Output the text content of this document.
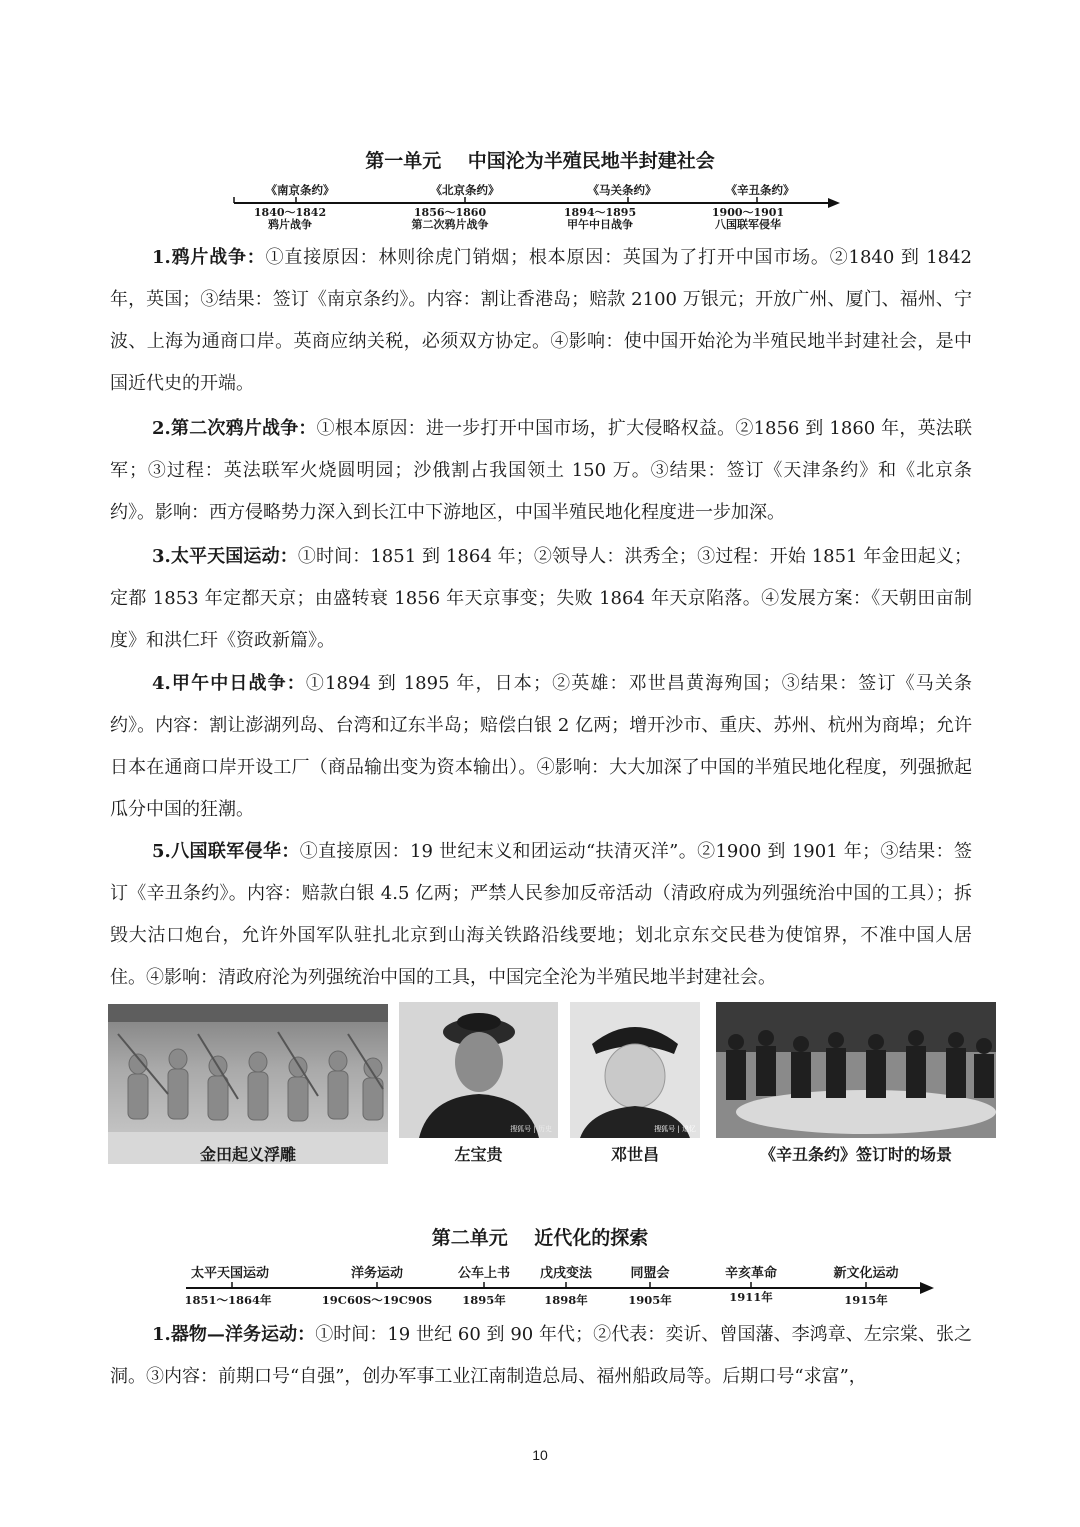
第一单元    中国沦为半殖民地半封建社会
《南京条约》	《北京条约》	《马关条约》	《辛丑条约》
1840～1842
鸦片战争
1856～1860
第二次鸦片战争
1894～1895
甲午中日战争
1900～1901
八国联军侵华
1.鸦片战争：①直接原因：林则徐虎门销烟；根本原因：英国为了打开中国市场。②1840 到 1842 年，英国；③结果：签订《南京条约》。内容：割让香港岛；赔款 2100 万银元；开放广州、厦门、福州、宁波、上海为通商口岸。英商应纳关税，必须双方协定。④影响：使中国开始沦为半殖民地半封建社会，是中国近代史的开端。
2.第二次鸦片战争：①根本原因：进一步打开中国市场，扩大侵略权益。②1856 到 1860 年，英法联军；③过程：英法联军火烧圆明园；沙俄割占我国领土 150 万。③结果：签订《天津条约》和《北京条约》。影响：西方侵略势力深入到长江中下游地区，中国半殖民地化程度进一步加深。
3.太平天国运动：①时间：1851 到 1864 年；②领导人：洪秀全；③过程：开始 1851 年金田起义；定都 1853 年定都天京；由盛转衰 1856 年天京事变；失败 1864 年天京陷落。④发展方案：《天朝田亩制度》和洪仁玕《资政新篇》。
4.甲午中日战争：①1894 到 1895 年，日本；②英雄：邓世昌黄海殉国；③结果：签订《马关条约》。内容：割让澎湖列岛、台湾和辽东半岛；赔偿白银 2 亿两；增开沙市、重庆、苏州、杭州为商埠；允许日本在通商口岸开设工厂（商品输出变为资本输出）。④影响：大大加深了中国的半殖民地化程度，列强掀起瓜分中国的狂潮。
5.八国联军侵华：①直接原因：19 世纪末义和团运动“扶清灭洋”。②1900 到 1901 年；③结果：签订《辛丑条约》。内容：赔款白银 4.5 亿两；严禁人民参加反帝活动（清政府成为列强统治中国的工具）；拆毁大沽口炮台，允许外国军队驻扎北京到山海关铁路沿线要地；划北京东交民巷为使馆界，不准中国人居住。④影响：清政府沦为列强统治中国的工具，中国完全沦为半殖民地半封建社会。
搜狐号 | 历史	搜狐号 | 追忆
金田起义浮雕	左宝贵	邓世昌	《辛丑条约》签订时的场景
第二单元    近代化的探索
太平天国运动	洋务运动	公车上书 戊戌变法	同盟会	辛亥革命	新文化运动
1851～1864年	19C60S～19C90S	1895年	1898年	1905年	1911年	1915年
1.器物—洋务运动：①时间：19 世纪 60 到 90 年代；②代表：奕䜣、曾国藩、李鸿章、左宗棠、张之洞。③内容：前期口号“自强”，创办军事工业江南制造总局、福州船政局等。后期口号“求富”，
10
